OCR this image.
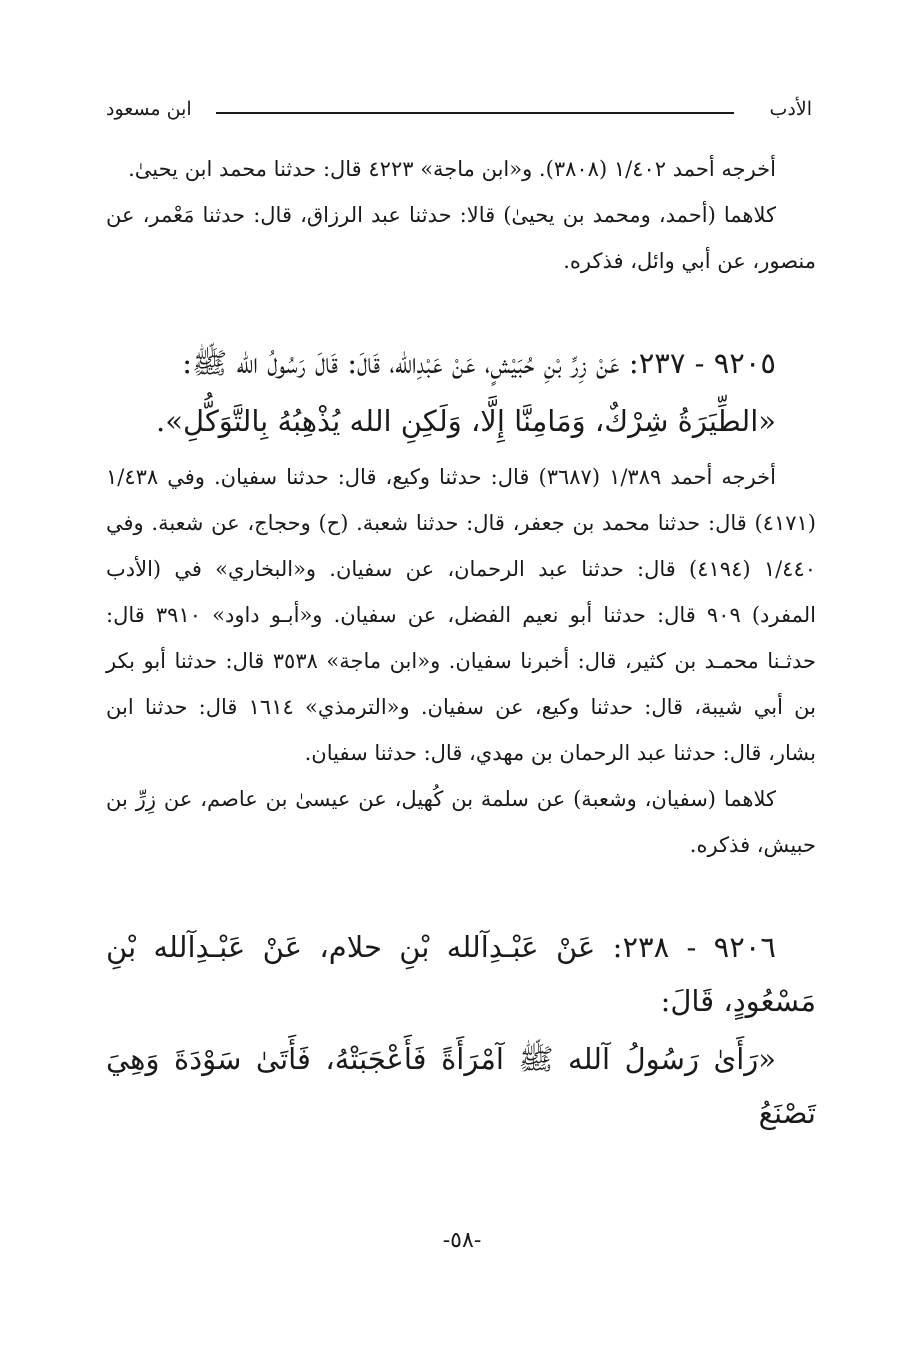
الأدب
ابن مسعود

أخرجه أحمد ١/٤٠٢ (٣٨٠٨). و«ابن ماجة» ٤٢٢٣ قال: حدثنا محمد ابن يحيىٰ.

كلاهما (أحمد، ومحمد بن يحيىٰ) قالا: حدثنا عبد الرزاق، قال: حدثنا مَعْمر، عن منصور، عن أبي وائل، فذكره.

٩٢٠٥ - ٢٣٧: عَنْ زِرِّ بْنِ حُبَيْشٍ، عَنْ عَبْدِالله، قَالَ: قَالَ رَسُولُ الله ﷺ:

«الطِّيَرَةُ شِرْكٌ، وَمَامِنَّا إِلَّا، وَلَكِنِ الله يُذْهِبُهُ بِالتَّوَكُّلِ».

أخرجه أحمد ١/٣٨٩ (٣٦٨٧) قال: حدثنا وكيع، قال: حدثنا سفيان. وفي ١/٤٣٨ (٤١٧١) قال: حدثنا محمد بن جعفر، قال: حدثنا شعبة. (ح) وحجاج، عن شعبة. وفي ١/٤٤٠ (٤١٩٤) قال: حدثنا عبد الرحمان، عن سفيان. و«البخاري» في (الأدب المفرد) ٩٠٩ قال: حدثنا أبو نعيم الفضل، عن سفيان. و«أبـو داود» ٣٩١٠ قال: حدثـنا محمـد بن كثير، قال: أخبرنا سفيان. و«ابن ماجة» ٣٥٣٨ قال: حدثنا أبو بكر بن أبي شيبة، قال: حدثنا وكيع، عن سفيان. و«الترمذي» ١٦١٤ قال: حدثنا ابن بشار، قال: حدثنا عبد الرحمان بن مهدي، قال: حدثنا سفيان.

كلاهما (سفيان، وشعبة) عن سلمة بن كُهيل، عن عيسىٰ بن عاصم، عن زِرِّ بن حبيش، فذكره.

٩٢٠٦ - ٢٣٨: عَنْ عَبْـدِآلله بْنِ حلام، عَنْ عَبْـدِآلله بْنِ مَسْعُودٍ، قَالَ:

«رَأَىٰ رَسُولُ آلله ﷺ آمْرَأَةً فَأَعْجَبَتْهُ، فَأَتَىٰ سَوْدَةَ وَهِيَ تَصْنَعُ

-٥٨-
